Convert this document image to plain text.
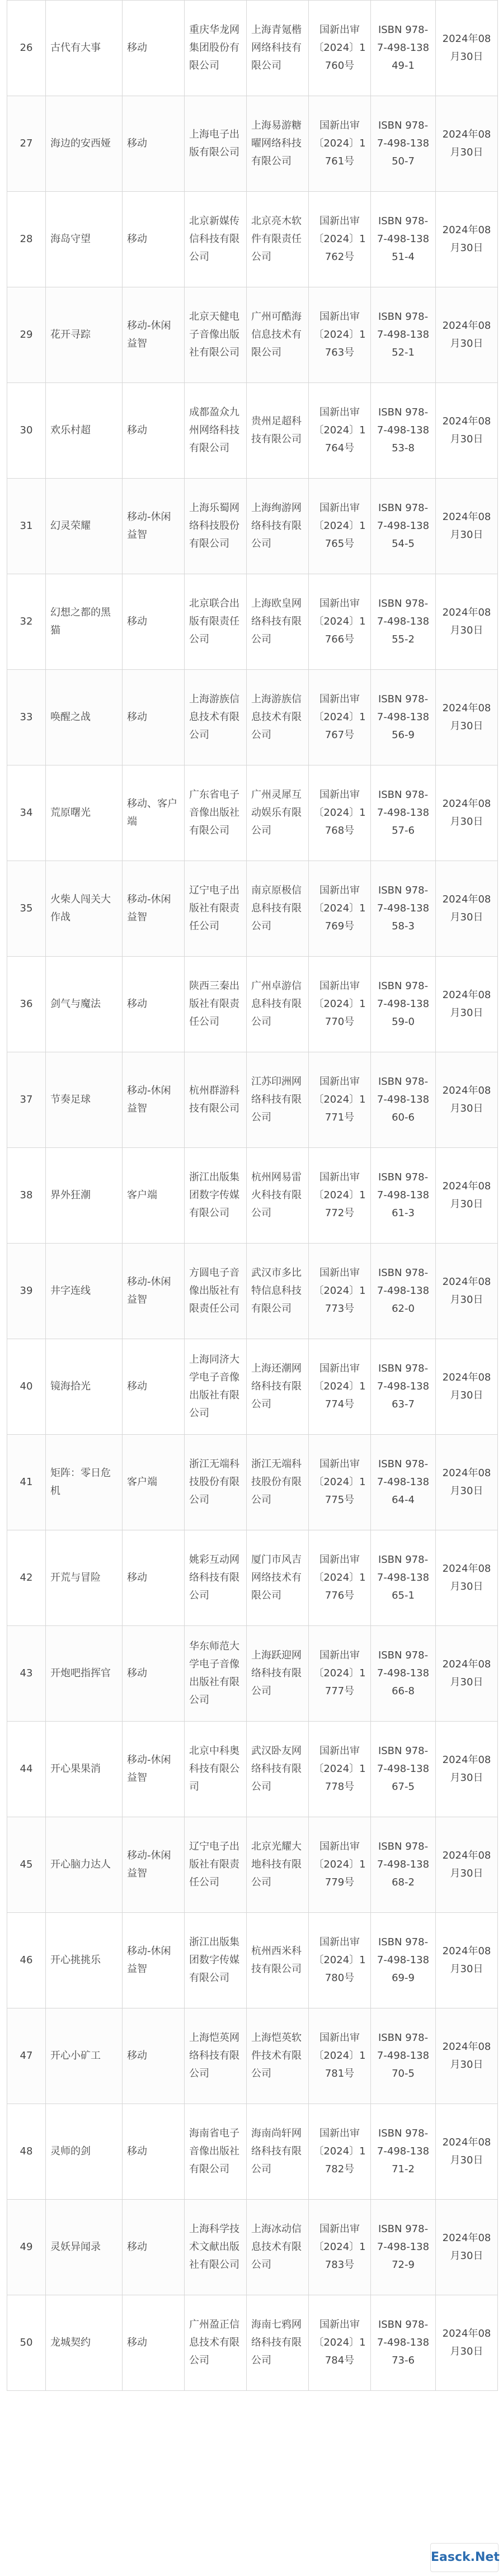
26	古代有大事	移动	重庆华龙网集团股份有限公司	上海青氪楷网络科技有限公司	国新出审〔2024〕1760号	ISBN 978-7-498-13849-1	2024年08月30日
27	海边的安西娅	移动	上海电子出版有限公司	上海易游糖曜网络科技有限公司	国新出审〔2024〕1761号	ISBN 978-7-498-13850-7	2024年08月30日
28	海岛守望	移动	北京新媒传信科技有限公司	北京亮木软件有限责任公司	国新出审〔2024〕1762号	ISBN 978-7-498-13851-4	2024年08月30日
29	花开寻踪	移动-休闲益智	北京天健电子音像出版社有限公司	广州可酷海信息技术有限公司	国新出审〔2024〕1763号	ISBN 978-7-498-13852-1	2024年08月30日
30	欢乐村超	移动	成都盈众九州网络科技有限公司	贵州足超科技有限公司	国新出审〔2024〕1764号	ISBN 978-7-498-13853-8	2024年08月30日
31	幻灵荣耀	移动-休闲益智	上海乐蜀网络科技股份有限公司	上海绚游网络科技有限公司	国新出审〔2024〕1765号	ISBN 978-7-498-13854-5	2024年08月30日
32	幻想之都的黑猫	移动	北京联合出版有限责任公司	上海欧皇网络科技有限公司	国新出审〔2024〕1766号	ISBN 978-7-498-13855-2	2024年08月30日
33	唤醒之战	移动	上海游族信息技术有限公司	上海游族信息技术有限公司	国新出审〔2024〕1767号	ISBN 978-7-498-13856-9	2024年08月30日
34	荒原曙光	移动、客户端	广东省电子音像出版社有限公司	广州灵犀互动娱乐有限公司	国新出审〔2024〕1768号	ISBN 978-7-498-13857-6	2024年08月30日
35	火柴人闯关大作战	移动-休闲益智	辽宁电子出版社有限责任公司	南京原极信息科技有限公司	国新出审〔2024〕1769号	ISBN 978-7-498-13858-3	2024年08月30日
36	剑气与魔法	移动	陕西三秦出版社有限责任公司	广州卓游信息科技有限公司	国新出审〔2024〕1770号	ISBN 978-7-498-13859-0	2024年08月30日
37	节奏足球	移动-休闲益智	杭州群游科技有限公司	江苏印洲网络科技有限公司	国新出审〔2024〕1771号	ISBN 978-7-498-13860-6	2024年08月30日
38	界外狂潮	客户端	浙江出版集团数字传媒有限公司	杭州网易雷火科技有限公司	国新出审〔2024〕1772号	ISBN 978-7-498-13861-3	2024年08月30日
39	井字连线	移动-休闲益智	方圆电子音像出版社有限责任公司	武汉市多比特信息科技有限公司	国新出审〔2024〕1773号	ISBN 978-7-498-13862-0	2024年08月30日
40	镜海拾光	移动	上海同济大学电子音像出版社有限公司	上海还潮网络科技有限公司	国新出审〔2024〕1774号	ISBN 978-7-498-13863-7	2024年08月30日
41	矩阵：零日危机	客户端	浙江无端科技股份有限公司	浙江无端科技股份有限公司	国新出审〔2024〕1775号	ISBN 978-7-498-13864-4	2024年08月30日
42	开荒与冒险	移动	姚彩互动网络科技有限公司	厦门市风吉网络技术有限公司	国新出审〔2024〕1776号	ISBN 978-7-498-13865-1	2024年08月30日
43	开炮吧指挥官	移动	华东师范大学电子音像出版社有限公司	上海跃迎网络科技有限公司	国新出审〔2024〕1777号	ISBN 978-7-498-13866-8	2024年08月30日
44	开心果果消	移动-休闲益智	北京中科奥科技有限公司	武汉卧友网络科技有限公司	国新出审〔2024〕1778号	ISBN 978-7-498-13867-5	2024年08月30日
45	开心脑力达人	移动-休闲益智	辽宁电子出版社有限责任公司	北京光耀大地科技有限公司	国新出审〔2024〕1779号	ISBN 978-7-498-13868-2	2024年08月30日
46	开心挑挑乐	移动-休闲益智	浙江出版集团数字传媒有限公司	杭州西米科技有限公司	国新出审〔2024〕1780号	ISBN 978-7-498-13869-9	2024年08月30日
47	开心小矿工	移动	上海恺英网络科技有限公司	上海恺英软件技术有限公司	国新出审〔2024〕1781号	ISBN 978-7-498-13870-5	2024年08月30日
48	灵师的剑	移动	海南省电子音像出版社有限公司	海南尚轩网络科技有限公司	国新出审〔2024〕1782号	ISBN 978-7-498-13871-2	2024年08月30日
49	灵妖异闻录	移动	上海科学技术文献出版社有限公司	上海冰动信息技术有限公司	国新出审〔2024〕1783号	ISBN 978-7-498-13872-9	2024年08月30日
50	龙城契约	移动	广州盈正信息技术有限公司	海南七鸦网络科技有限公司	国新出审〔2024〕1784号	ISBN 978-7-498-13873-6	2024年08月30日
Easck.Net
